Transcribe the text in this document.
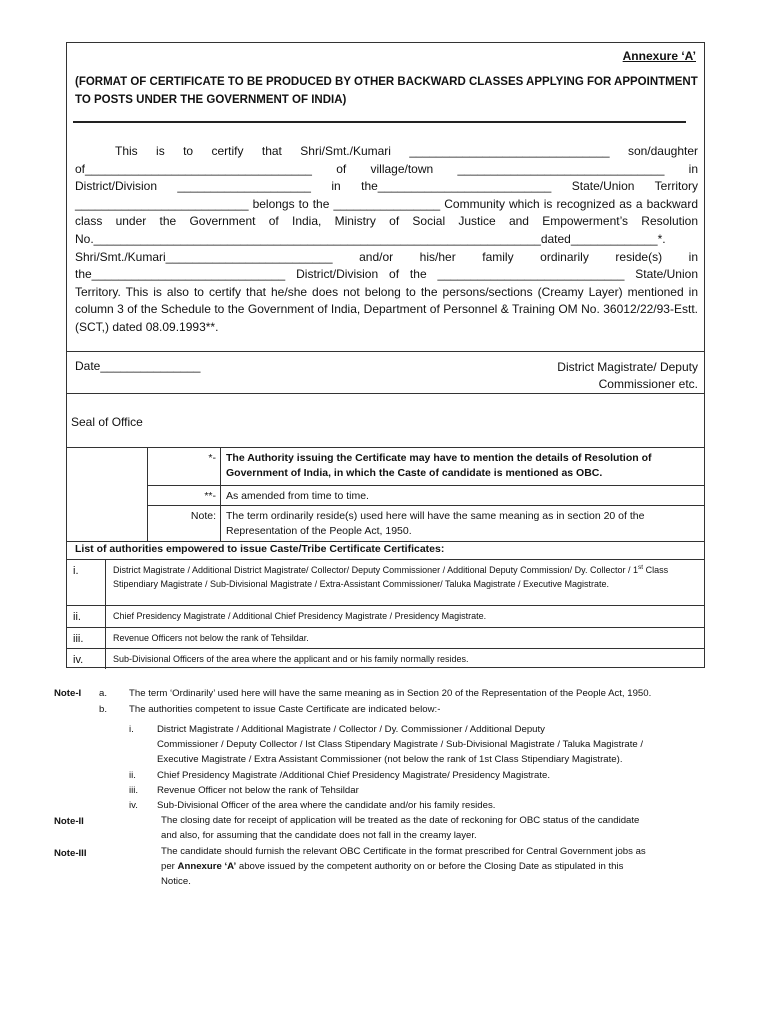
Annexure ‘A’
(FORMAT OF CERTIFICATE TO BE PRODUCED BY OTHER BACKWARD CLASSES APPLYING FOR APPOINTMENT TO POSTS UNDER THE GOVERNMENT OF INDIA)

This is to certify that Shri/Smt./Kumari ______________________________ son/daughter of__________________________________ of village/town _______________________________ in District/Division ____________________ in the__________________________ State/Union Territory __________________________ belongs to the ________________ Community which is recognized as a backward class under the Government of India, Ministry of Social Justice and Empowerment’s Resolution No.___________________________________________________________________dated_____________*. Shri/Smt./Kumari_________________________ and/or his/her family ordinarily reside(s) in the_____________________________ District/Division of the ____________________________ State/Union Territory. This is also to certify that he/she does not belong to the persons/sections (Creamy Layer) mentioned in column 3 of the Schedule to the Government of India, Department of Personnel & Training OM No. 36012/22/93-Estt. (SCT,) dated 08.09.1993**.

Date_______________	District Magistrate/ Deputy
Commissioner etc.
Seal of Office
*- The Authority issuing the Certificate may have to mention the details of Resolution of Government of India, in which the Caste of candidate is mentioned as OBC.
**- As amended from time to time.
Note: The term ordinarily reside(s) used here will have the same meaning as in section 20 of the Representation of the People Act, 1950.
List of authorities empowered to issue Caste/Tribe Certificate Certificates:
i.	District Magistrate / Additional District Magistrate/ Collector/ Deputy Commissioner / Additional Deputy Commission/ Dy. Collector / 1st Class Stipendiary Magistrate / Sub-Divisional Magistrate / Extra-Assistant Commissioner/ Taluka Magistrate / Executive Magistrate.
ii.	Chief Presidency Magistrate / Additional Chief Presidency Magistrate / Presidency Magistrate.
iii.	Revenue Officers not below the rank of Tehsildar.
iv.	Sub-Divisional Officers of the area where the applicant and or his family normally resides.
Note-I a. The term ‘Ordinarily’ used here will have the same meaning as in Section 20 of the Representation of the People Act, 1950.
b. The authorities competent to issue Caste Certificate are indicated below:-
i. District Magistrate / Additional Magistrate / Collector / Dy. Commissioner / Additional Deputy
Commissioner / Deputy Collector / Ist Class Stipendary Magistrate / Sub-Divisional Magistrate / Taluka Magistrate /
Executive Magistrate / Extra Assistant Commissioner (not below the rank of 1st Class Stipendiary Magistrate).
ii. Chief Presidency Magistrate /Additional Chief Presidency Magistrate/ Presidency Magistrate.
iii. Revenue Officer not below the rank of Tehsildar
iv. Sub-Divisional Officer of the area where the candidate and/or his family resides.
Note-II	The closing date for receipt of application will be treated as the date of reckoning for OBC status of the candidate
and also, for assuming that the candidate does not fall in the creamy layer.
Note-III	The candidate should furnish the relevant OBC Certificate in the format prescribed for Central Government jobs as
per Annexure ‘A’ above issued by the competent authority on or before the Closing Date as stipulated in this
Notice.
